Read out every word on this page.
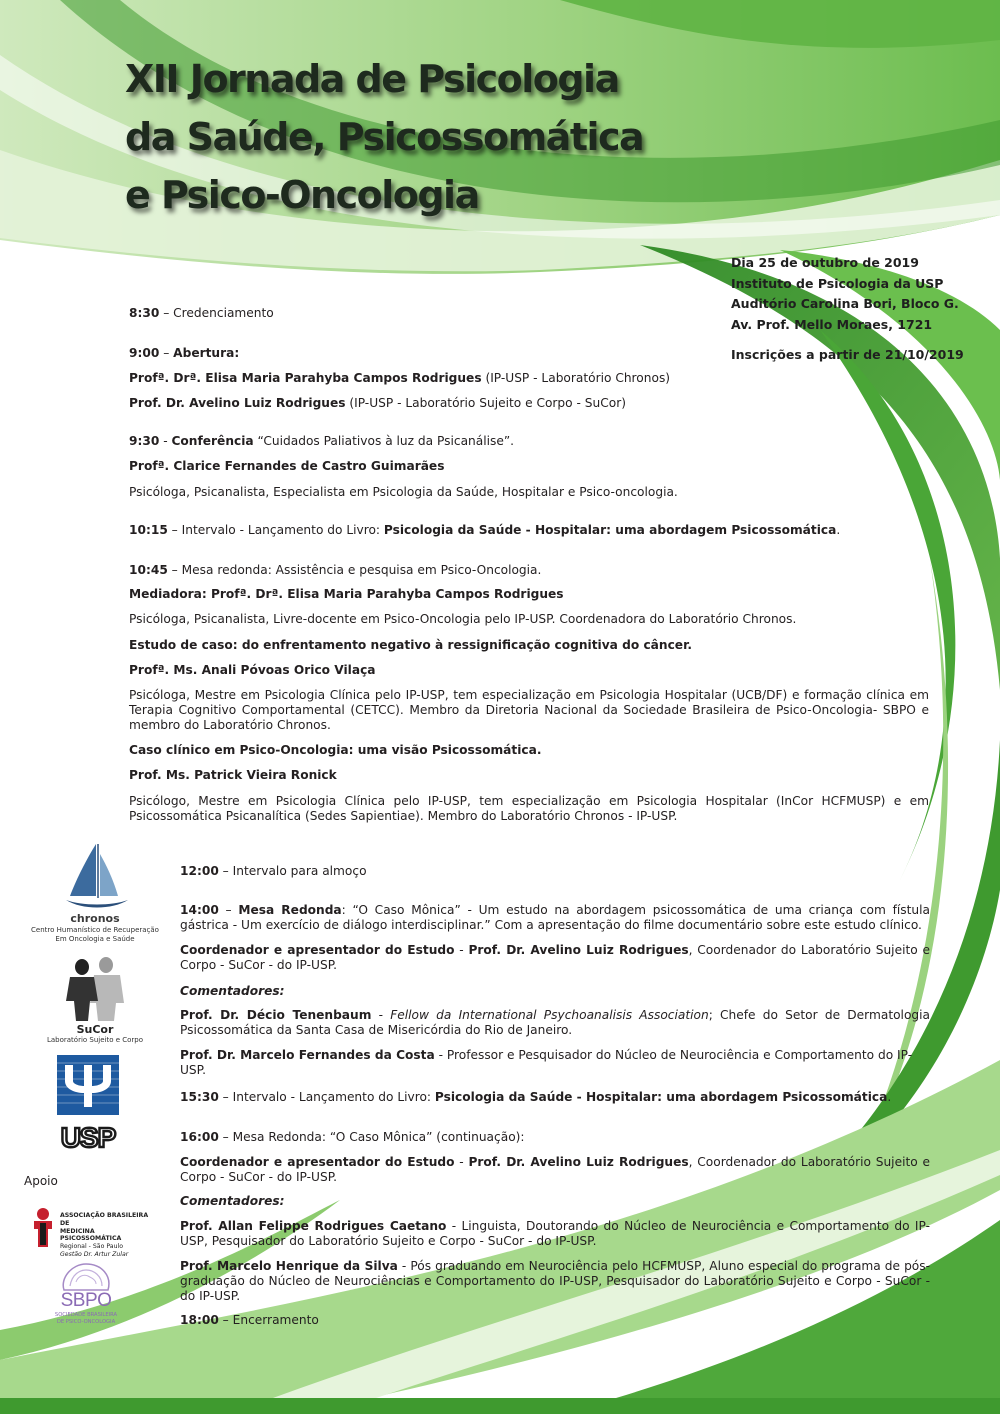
XII Jornada de Psicologia
da Saúde, Psicossomática
e Psico-Oncologia
Dia 25 de outubro de 2019
Instituto de Psicologia da USP
Auditório Carolina Bori, Bloco G.
Av. Prof. Mello Moraes, 1721
Inscrições a partir de 21/10/2019

8:30 – Credenciamento

9:00 – Abertura:

Profª. Drª. Elisa Maria Parahyba Campos Rodrigues (IP-USP - Laboratório Chronos)

Prof. Dr. Avelino Luiz Rodrigues (IP-USP - Laboratório Sujeito e Corpo - SuCor)

9:30 - Conferência “Cuidados Paliativos à luz da Psicanálise”.

Profª. Clarice Fernandes de Castro Guimarães

Psicóloga, Psicanalista, Especialista em Psicologia da Saúde, Hospitalar e Psico-oncologia.

10:15 – Intervalo - Lançamento do Livro: Psicologia da Saúde - Hospitalar: uma abordagem Psicossomática.

10:45 – Mesa redonda: Assistência e pesquisa em Psico-Oncologia.

Mediadora: Profª. Drª. Elisa Maria Parahyba Campos Rodrigues

Psicóloga, Psicanalista, Livre-docente em Psico-Oncologia pelo IP-USP. Coordenadora do Laboratório Chronos.

Estudo de caso: do enfrentamento negativo à ressignificação cognitiva do câncer.

Profª. Ms. Anali Póvoas Orico Vilaça

Psicóloga, Mestre em Psicologia Clínica pelo IP-USP, tem especialização em Psicologia Hospitalar (UCB/DF) e formação clínica em Terapia Cognitivo Comportamental (CETCC). Membro da Diretoria Nacional da Sociedade Brasileira de Psico-Oncologia- SBPO e membro do Laboratório Chronos.

Caso clínico em Psico-Oncologia: uma visão Psicossomática.

Prof. Ms. Patrick Vieira Ronick

Psicólogo, Mestre em Psicologia Clínica pelo IP-USP, tem especialização em Psicologia Hospitalar (InCor HCFMUSP) e em Psicossomática Psicanalítica (Sedes Sapientiae). Membro do Laboratório Chronos - IP-USP.

12:00 – Intervalo para almoço

14:00 – Mesa Redonda: “O Caso Mônica” - Um estudo na abordagem psicossomática de uma criança com fístula gástrica - Um exercício de diálogo interdisciplinar.” Com a apresentação do filme documentário sobre este estudo clínico.

Coordenador e apresentador do Estudo - Prof. Dr. Avelino Luiz Rodrigues, Coordenador do Laboratório Sujeito e Corpo - SuCor - do IP-USP.

Comentadores:

Prof. Dr. Décio Tenenbaum - Fellow da International Psychoanalisis Association; Chefe do Setor de Dermatologia Psicossomática da Santa Casa de Misericórdia do Rio de Janeiro.

Prof. Dr. Marcelo Fernandes da Costa - Professor e Pesquisador do Núcleo de Neurociência e Comportamento do IP-USP.

15:30 – Intervalo - Lançamento do Livro: Psicologia da Saúde - Hospitalar: uma abordagem Psicossomática.

16:00 – Mesa Redonda: “O Caso Mônica” (continuação):

Coordenador e apresentador do Estudo - Prof. Dr. Avelino Luiz Rodrigues, Coordenador do Laboratório Sujeito e Corpo - SuCor - do IP-USP.

Comentadores:

Prof. Allan Felippe Rodrigues Caetano - Linguista, Doutorando do Núcleo de Neurociência e Comportamento do IP-USP, Pesquisador do Laboratório Sujeito e Corpo - SuCor - do IP-USP.

Prof. Marcelo Henrique da Silva - Pós graduando em Neurociência pelo HCFMUSP, Aluno especial do programa de pós-graduação do Núcleo de Neurociências e Comportamento do IP-USP, Pesquisador do Laboratório Sujeito e Corpo - SuCor - do IP-USP.

18:00 – Encerramento

chronos
Centro Humanístico de Recuperação
Em Oncologia e Saúde
SuCor
Laboratório Sujeito e Corpo
USP
Apoio
ASSOCIAÇÃO BRASILEIRA DE
MEDICINA PSICOSSOMÁTICA
Regional - São Paulo
Gestão Dr. Artur Zular
SBPO
SOCIEDADE BRASILEIRA
DE PSICO-ONCOLOGIA
